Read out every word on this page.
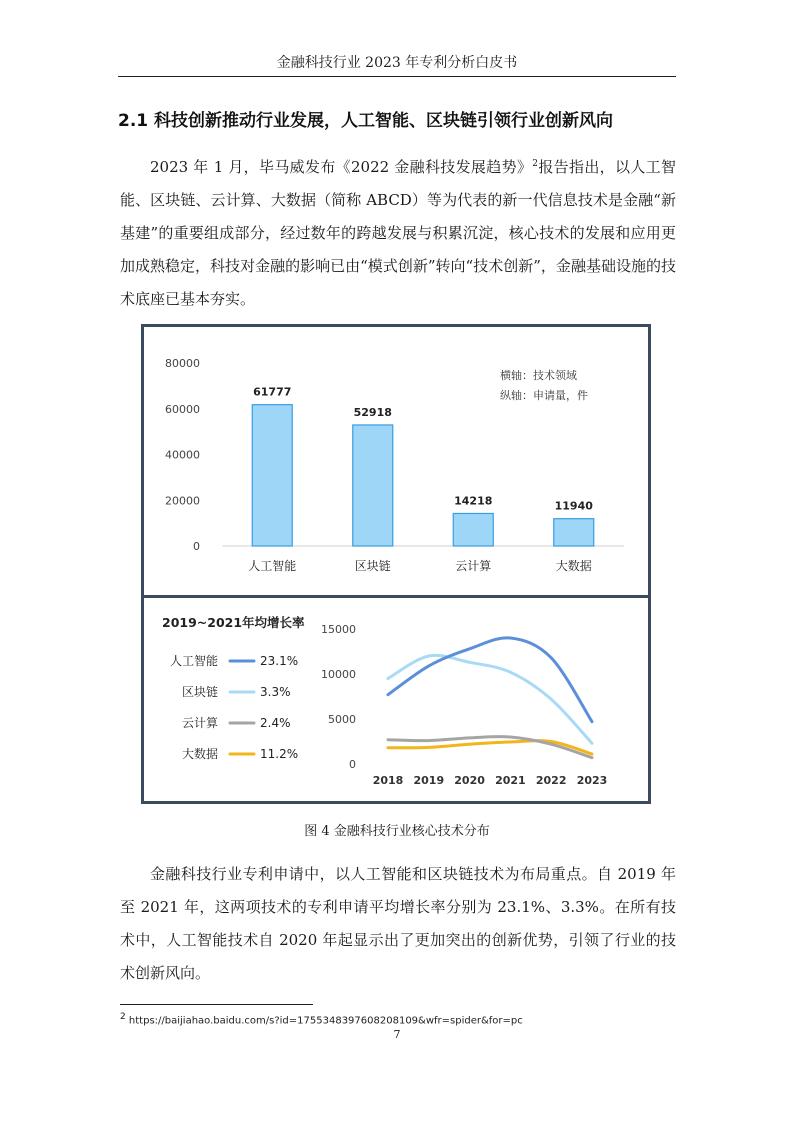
金融科技行业 2023 年专利分析白皮书
2.1 科技创新推动行业发展，人工智能、区块链引领行业创新风向

2023 年 1 月，毕马威发布《2022 金融科技发展趋势》$^2$报告指出，以人工智能、区块链、云计算、大数据（简称 ABCD）等为代表的新一代信息技术是金融“新基建”的重要组成部分，经过数年的跨越发展与积累沉淀，核心技术的发展和应用更加成熟稳定，科技对金融的影响已由“模式创新”转向“技术创新”，金融基础设施的技术底座已基本夯实。

0
20000
40000
60000
80000
61777
人工智能
52918
区块链
14218
云计算
11940
大数据
横轴：技术领域
纵轴：申请量，件
2019~2021年均增长率
人工智能	23.1%
区块链	3.3%
云计算	2.4%
大数据	11.2%
0
5000
10000
15000
2018 2019 2020 2021 2022 2023
图 4 金融科技行业核心技术分布

金融科技行业专利申请中，以人工智能和区块链技术为布局重点。自 2019 年至 2021 年，这两项技术的专利申请平均增长率分别为 23.1%、3.3%。在所有技术中，人工智能技术自 2020 年起显示出了更加突出的创新优势，引领了行业的技术创新风向。

2 https://baijiahao.baidu.com/s?id=1755348397608208109&wfr=spider&for=pc
7
